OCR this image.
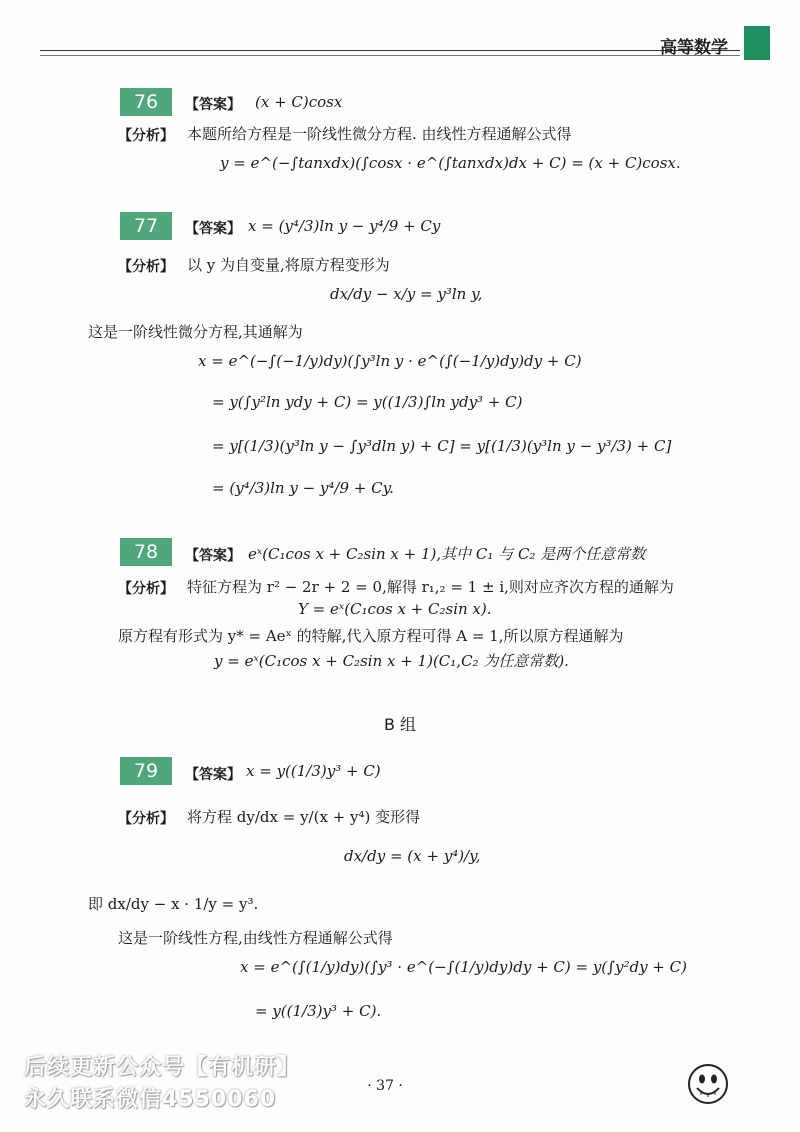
高等数学
76	【答案】 (x + C)cosx
【分析】 本题所给方程是一阶线性微分方程. 由线性方程通解公式得
y = e^(−∫tanxdx)(∫cosx · e^(∫tanxdx)dx + C) = (x + C)cosx.
77	【答案】 x = (y⁴/3)ln y − y⁴/9 + Cy
【分析】 以 y 为自变量,将原方程变形为
dx/dy − x/y = y³ln y,
这是一阶线性微分方程,其通解为
x = e^(−∫(−1/y)dy)(∫y³ln y · e^(∫(−1/y)dy)dy + C)
= y(∫y²ln ydy + C) = y((1/3)∫ln ydy³ + C)
= y[(1/3)(y³ln y − ∫y³dln y) + C] = y[(1/3)(y³ln y − y³/3) + C]
= (y⁴/3)ln y − y⁴/9 + Cy.
78	【答案】 eˣ(C₁cos x + C₂sin x + 1),其中 C₁ 与 C₂ 是两个任意常数
【分析】 特征方程为 r² − 2r + 2 = 0,解得 r₁,₂ = 1 ± i,则对应齐次方程的通解为
Y = eˣ(C₁cos x + C₂sin x).
原方程有形式为 y* = Aeˣ 的特解,代入原方程可得 A = 1,所以原方程通解为
y = eˣ(C₁cos x + C₂sin x + 1)(C₁,C₂ 为任意常数).
B 组
79	【答案】 x = y((1/3)y³ + C)
【分析】 将方程 dy/dx = y/(x + y⁴) 变形得
dx/dy = (x + y⁴)/y,
即 dx/dy − x · 1/y = y³.
这是一阶线性方程,由线性方程通解公式得
x = e^(∫(1/y)dy)(∫y³ · e^(−∫(1/y)dy)dy + C) = y(∫y²dy + C)
= y((1/3)y³ + C).
后续更新公众号【有机研】
永久联系微信4550060
· 37 ·
